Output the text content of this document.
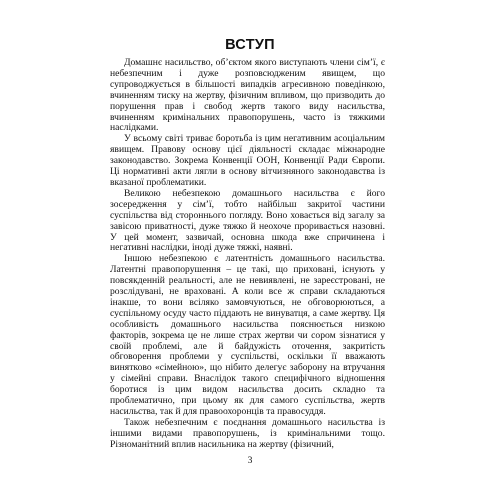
ВСТУП

Домашнє насильство, об’єктом якого виступають члени сім’ї, є небезпечним і дуже розповсюдженим явищем, що супроводжується в більшості випадків агресивною поведінкою, вчиненням тиску на жертву, фізичним впливом, що призводить до порушення прав і свобод жертв такого виду насильства, вчиненням кримінальних правопорушень, часто із тяжкими наслідками.

У всьому світі триває боротьба із цим негативним асоціальним явищем. Правову основу цієї діяльності складає міжнародне законодавство. Зокрема Конвенції ООН, Конвенції Ради Європи. Ці нормативні акти лягли в основу вітчизняного законодавства із вказаної проблематики.

Великою небезпекою домашнього насильства є його зосередження у сім’ї, тобто найбільш закритої частини суспільства від стороннього погляду. Воно ховається від загалу за завісою приватності, дуже тяжко й неохоче проривається назовні. У цей момент, зазвичай, основна шкода вже спричинена і негативні наслідки, іноді дуже тяжкі, наявні.

Іншою небезпекою є латентність домашнього насильства. Латентні правопорушення – це такі, що приховані, існують у повсякденній реальності, але не невиявлені, не зареєстровані, не розслідувані, не враховані. А коли все ж справи складаються інакше, то вони всіляко замовчуються, не обговорюються, а суспільному осуду часто піддають не винуватця, а саме жертву. Ця особливість домашнього насильства пояснюється низкою факторів, зокрема це не лише страх жертви чи сором зізнатися у своїй проблемі, але й байдужість оточення, закритість обговорення проблеми у суспільстві, оскільки її вважають винятково «сімейною», що нібито делегує заборону на втручання у сімейні справи. Внаслідок такого специфічного відношення боротися із цим видом насильства досить складно та проблематично, при цьому як для самого суспільства, жертв насильства, так й для правоохоронців та правосуддя.

Також небезпечним є поєднання домашнього насильства із іншими видами правопорушень, із кримінальними тощо. Різноманітний вплив насильника на жертву (фізичний,

3
